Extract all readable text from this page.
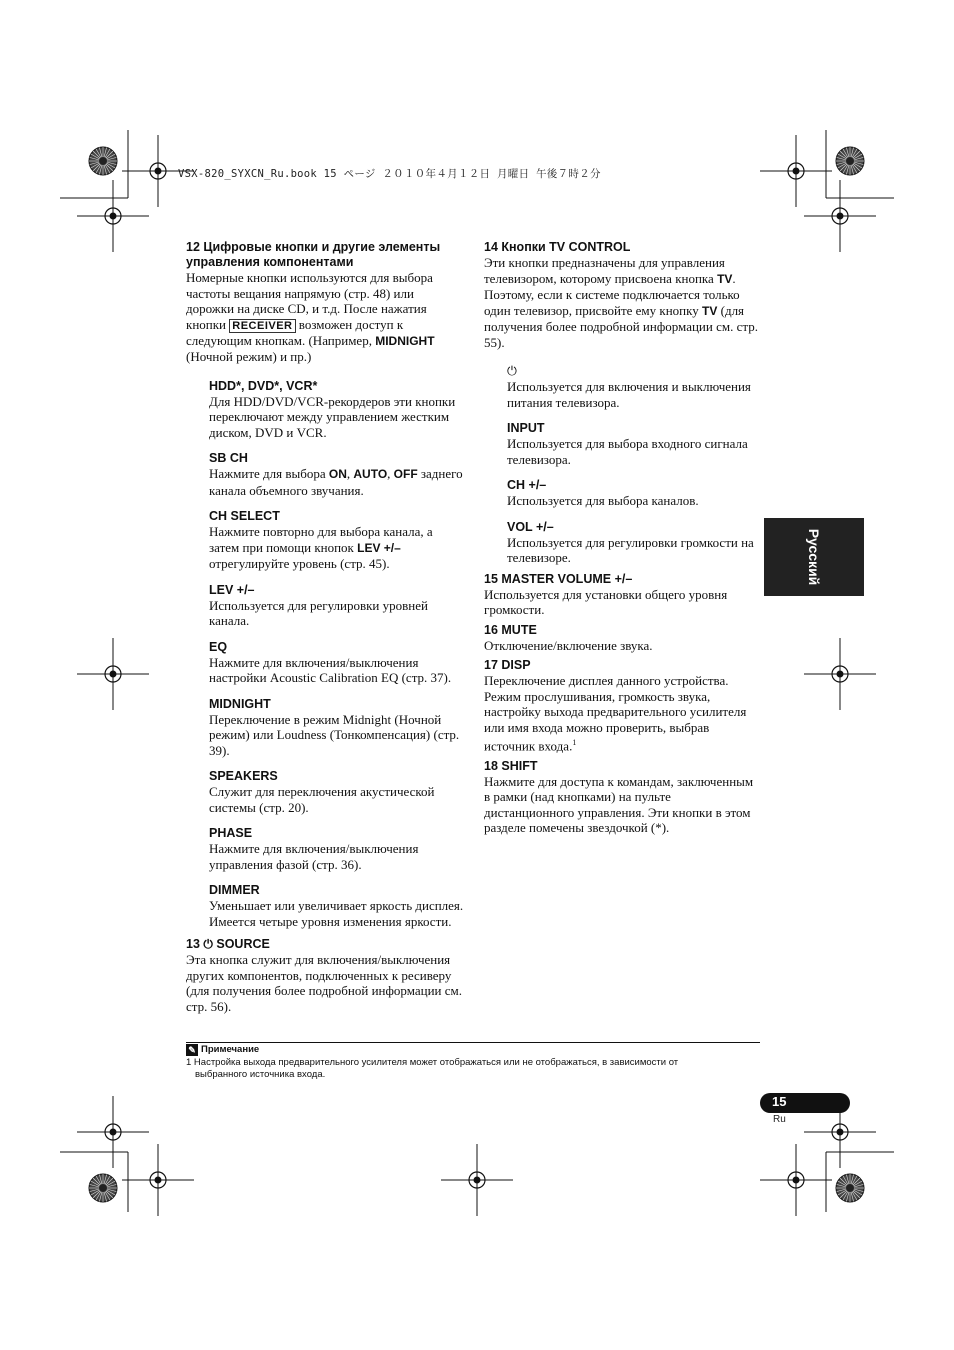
VSX-820_SYXCN_Ru.book 15 ページ ２０１０年４月１２日 月曜日 午後７時２分

12 Цифровые кнопки и другие элементы управления компонентами

Номерные кнопки используются для выбора частоты вещания напрямую (стр. 48) или дорожки на диске CD, и т.д. После нажатия кнопки RECEIVER возможен доступ к следующим кнопкам. (Например, MIDNIGHT (Ночной режим) и пр.)

HDD*, DVD*, VCR*

Для HDD/DVD/VCR-рекордеров эти кнопки переключают между управлением жестким диском, DVD и VCR.

SB CH

Нажмите для выбора ON, AUTO, OFF заднего канала объемного звучания.

CH SELECT

Нажмите повторно для выбора канала, а затем при помощи кнопок LEV +/– отрегулируйте уровень (стр. 45).

LEV +/–

Используется для регулировки уровней канала.

EQ

Нажмите для включения/выключения настройки Acoustic Calibration EQ (стр. 37).

MIDNIGHT

Переключение в режим Midnight (Ночной режим) или Loudness (Тонкомпенсация) (стр. 39).

SPEAKERS

Служит для переключения акустической системы (стр. 20).

PHASE

Нажмите для включения/выключения управления фазой (стр. 36).

DIMMER

Уменьшает или увеличивает яркость дисплея. Имеется четыре уровня изменения яркости.

13 ⏻ SOURCE

Эта кнопка служит для включения/выключения других компонентов, подключенных к ресиверу (для получения более подробной информации см. стр. 56).

14 Кнопки TV CONTROL

Эти кнопки предназначены для управления телевизором, которому присвоена кнопка TV. Поэтому, если к системе подключается только один телевизор, присвойте ему кнопку TV (для получения более подробной информации см. стр. 55).

⏻

Используется для включения и выключения питания телевизора.

INPUT

Используется для выбора входного сигнала телевизора.

CH +/–

Используется для выбора каналов.

VOL +/–

Используется для регулировки громкости на телевизоре.

15 MASTER VOLUME +/–

Используется для установки общего уровня громкости.

16 MUTE

Отключение/включение звука.

17 DISP

Переключение дисплея данного устройства. Режим прослушивания, громкость звука, настройку выхода предварительного усилителя или имя входа можно проверить, выбрав источник входа.$^1$

18 SHIFT

Нажмите для доступа к командам, заключенным в рамки (над кнопками) на пульте дистанционного управления. Эти кнопки в этом разделе помечены звездочкой (*).

Русский
✎ Примечание
1 Настройка выхода предварительного усилителя может отображаться или не отображаться, в зависимости от
выбранного источника входа.
15
Ru
